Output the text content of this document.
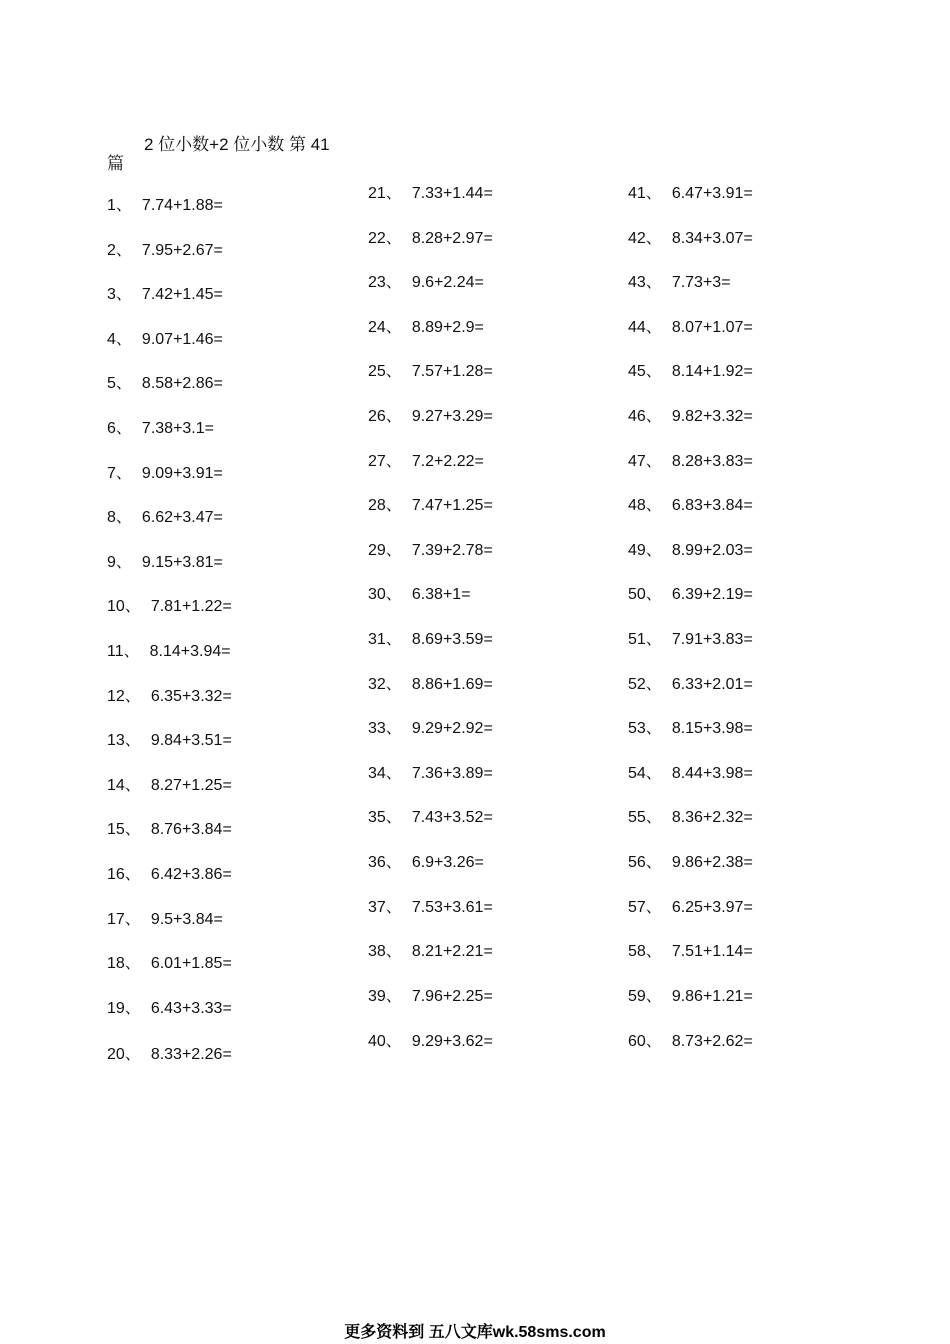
2 位小数+2 位小数 第 41
篇
1、 7.74+1.88=
2、 7.95+2.67=
3、 7.42+1.45=
4、 9.07+1.46=
5、 8.58+2.86=
6、 7.38+3.1=
7、 9.09+3.91=
8、 6.62+3.47=
9、 9.15+3.81=
10、 7.81+1.22=
11、 8.14+3.94=
12、 6.35+3.32=
13、 9.84+3.51=
14、 8.27+1.25=
15、 8.76+3.84=
16、 6.42+3.86=
17、 9.5+3.84=
18、 6.01+1.85=
19、 6.43+3.33=
20、 8.33+2.26=
21、 7.33+1.44=
22、 8.28+2.97=
23、 9.6+2.24=
24、 8.89+2.9=
25、 7.57+1.28=
26、 9.27+3.29=
27、 7.2+2.22=
28、 7.47+1.25=
29、 7.39+2.78=
30、 6.38+1=
31、 8.69+3.59=
32、 8.86+1.69=
33、 9.29+2.92=
34、 7.36+3.89=
35、 7.43+3.52=
36、 6.9+3.26=
37、 7.53+3.61=
38、 8.21+2.21=
39、 7.96+2.25=
40、 9.29+3.62=
41、 6.47+3.91=
42、 8.34+3.07=
43、 7.73+3=
44、 8.07+1.07=
45、 8.14+1.92=
46、 9.82+3.32=
47、 8.28+3.83=
48、 6.83+3.84=
49、 8.99+2.03=
50、 6.39+2.19=
51、 7.91+3.83=
52、 6.33+2.01=
53、 8.15+3.98=
54、 8.44+3.98=
55、 8.36+2.32=
56、 9.86+2.38=
57、 6.25+3.97=
58、 7.51+1.14=
59、 9.86+1.21=
60、 8.73+2.62=
更多资料到 五八文库wk.58sms.com
